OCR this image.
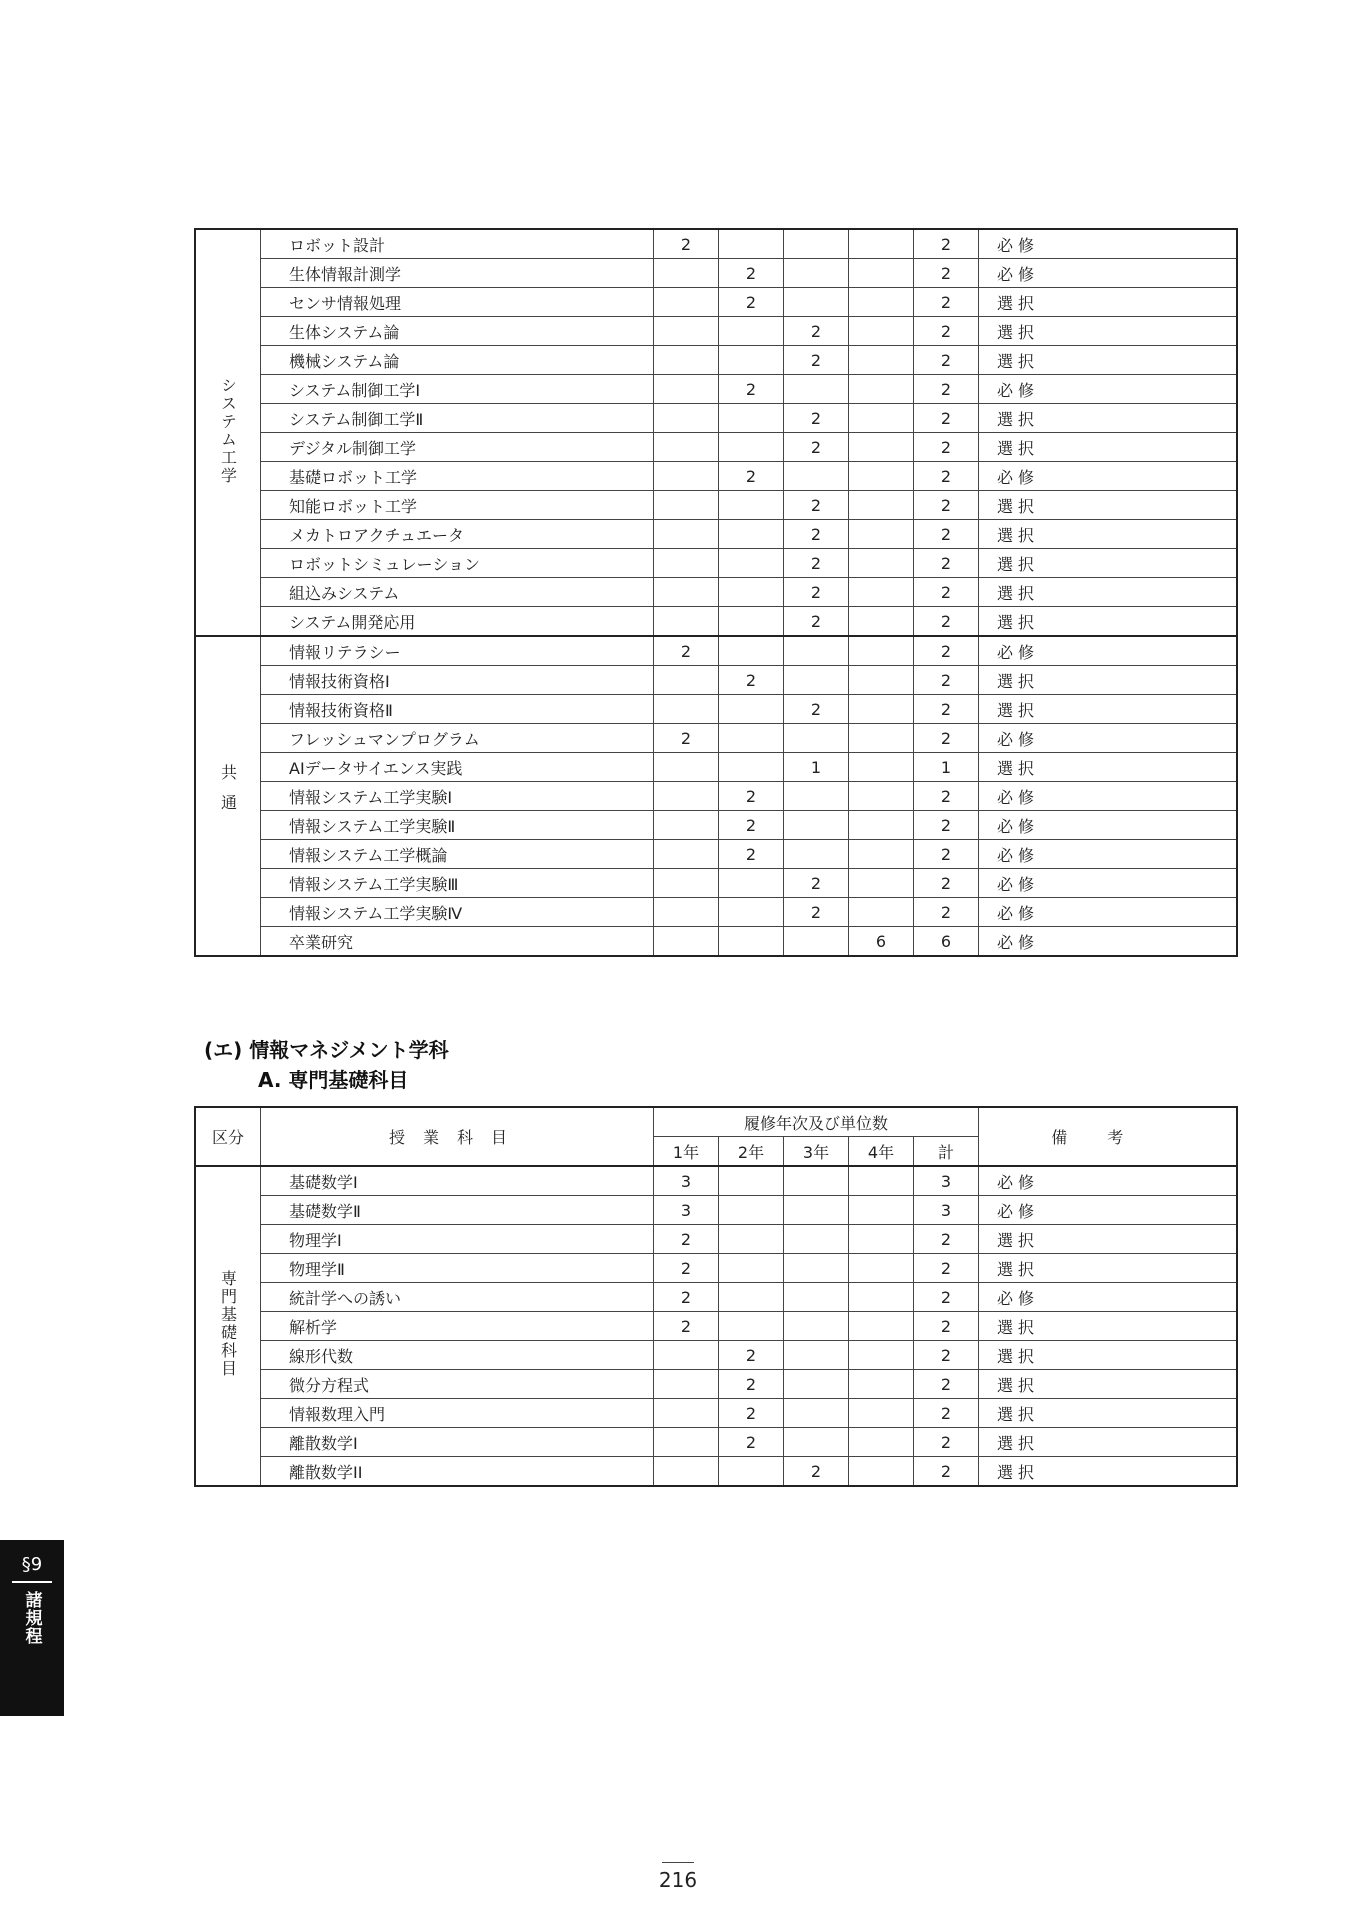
システム工学	ロボット設計	2				2	必修
	生体情報計測学		2			2	必修
	センサ情報処理		2			2	選択
	生体システム論			2		2	選択
	機械システム論			2		2	選択
	システム制御工学Ⅰ		2			2	必修
	システム制御工学Ⅱ			2		2	選択
	デジタル制御工学			2		2	選択
	基礎ロボット工学		2			2	必修
	知能ロボット工学			2		2	選択
	メカトロアクチュエータ			2		2	選択
	ロボットシミュレーション			2		2	選択
	組込みシステム			2		2	選択
	システム開発応用			2		2	選択
共通	情報リテラシー	2				2	必修
	情報技術資格Ⅰ		2			2	選択
	情報技術資格Ⅱ			2		2	選択
	フレッシュマンプログラム	2				2	必修
	AIデータサイエンス実践			1		1	選択
	情報システム工学実験Ⅰ		2			2	必修
	情報システム工学実験Ⅱ		2			2	必修
	情報システム工学概論		2			2	必修
	情報システム工学実験Ⅲ			2		2	必修
	情報システム工学実験Ⅳ			2		2	必修
	卒業研究				6	6	必修
(エ) 情報マネジメント学科
A. 専門基礎科目
区分	授業科目	履修年次及び単位数					備考
		1年	2年	3年	4年	計	
専門基礎科目	基礎数学Ⅰ	3				3	必修
	基礎数学Ⅱ	3				3	必修
	物理学Ⅰ	2				2	選択
	物理学Ⅱ	2				2	選択
	統計学への誘い	2				2	必修
	解析学	2				2	選択
	線形代数		2			2	選択
	微分方程式		2			2	選択
	情報数理入門		2			2	選択
	離散数学I		2			2	選択
	離散数学II			2		2	選択
§9
諸規程
216
